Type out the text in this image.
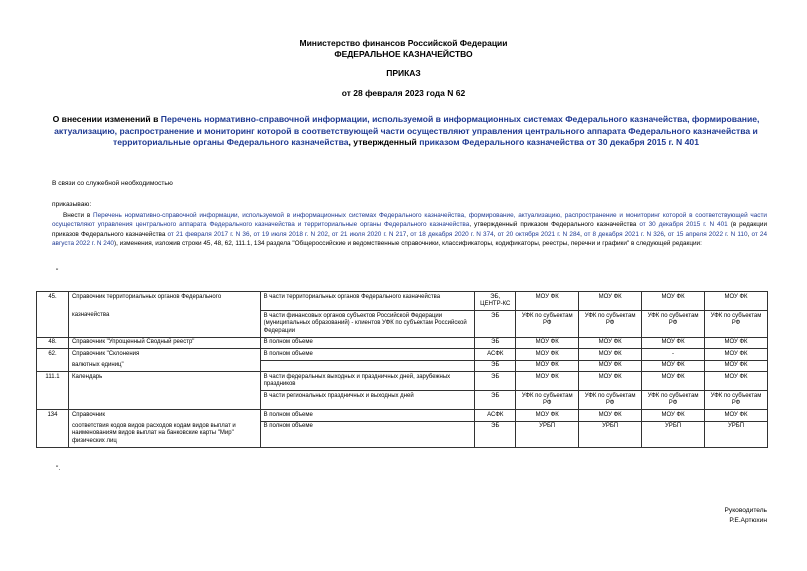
Министерство финансов Российской Федерации
ФЕДЕРАЛЬНОЕ КАЗНАЧЕЙСТВО
ПРИКАЗ
от 28 февраля 2023 года N 62
О внесении изменений в Перечень нормативно-справочной информации, используемой в информационных системах Федерального казначейства, формирование, актуализацию, распространение и мониторинг которой в соответствующей части осуществляют управления центрального аппарата Федерального казначейства и территориальные органы Федерального казначейства, утвержденный приказом Федерального казначейства от 30 декабря 2015 г. N 401
В связи со служебной необходимостью
приказываю:
Внести в Перечень нормативно-справочной информации, используемой в информационных системах Федерального казначейства, формирование, актуализацию, распространение и мониторинг которой в соответствующей части осуществляют управления центрального аппарата Федерального казначейства и территориальные органы Федерального казначейства, утвержденный приказом Федерального казначейства от 30 декабря 2015 г. N 401 (в редакции приказов Федерального казначейства от 21 февраля 2017 г. N 36, от 19 июля 2018 г. N 202, от 21 июля 2020 г. N 217, от 18 декабря 2020 г. N 374, от 20 октября 2021 г. N 284, от 8 декабря 2021 г. N 326, от 15 апреля 2022 г. N 110, от 24 августа 2022 г. N 240), изменения, изложив строки 45, 48, 62, 111.1, 134 раздела "Общероссийские и ведомственные справочники, классификаторы, кодификаторы, реестры, перечни и графики" в следующей редакции:
"
45.	Справочник территориальных органов Федерального	В части территориальных органов Федерального казначейства	ЭБ, ЦЕНТР-КС	МОУ ФК	МОУ ФК	МОУ ФК	МОУ ФК
	казначейства	В части финансовых органов субъектов Российской Федерации (муниципальных образований) - клиентов УФК по субъектам Российской Федерации	ЭБ	УФК по субъектам РФ	УФК по субъектам РФ	УФК по субъектам РФ	УФК по субъектам РФ
48.	Справочник "Упрощенный Сводный реестр"	В полном объеме	ЭБ	МОУ ФК	МОУ ФК	МОУ ФК	МОУ ФК
62.	Справочник "Склонения	В полном объеме	АСФК	МОУ ФК	МОУ ФК	-	МОУ ФК
	валютных единиц"		ЭБ	МОУ ФК	МОУ ФК	МОУ ФК	МОУ ФК
111.1	Календарь	В части федеральных выходных и праздничных дней, зарубежных праздников	ЭБ	МОУ ФК	МОУ ФК	МОУ ФК	МОУ ФК
		В части региональных праздничных и выходных дней	ЭБ	УФК по субъектам РФ	УФК по субъектам РФ	УФК по субъектам РФ	УФК по субъектам РФ
134	Справочник	В полном объеме	АСФК	МОУ ФК	МОУ ФК	МОУ ФК	МОУ ФК
	соответствия кодов видов расходов кодам видов выплат и наименованиям видов выплат на банковские карты "Мир" физических лиц	В полном объеме	ЭБ	УРБП	УРБП	УРБП	УРБП
".
Руководитель
Р.Е.Артюхин
